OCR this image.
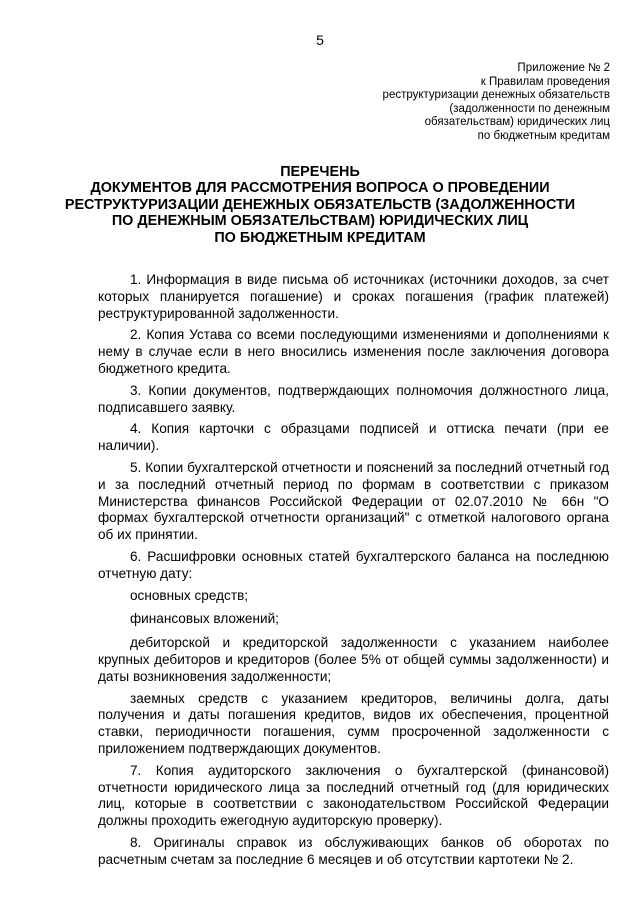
5
Приложение № 2
к Правилам проведения
реструктуризации денежных обязательств
(задолженности по денежным
обязательствам) юридических лиц
по бюджетным кредитам
ПЕРЕЧЕНЬ
ДОКУМЕНТОВ ДЛЯ РАССМОТРЕНИЯ ВОПРОСА О ПРОВЕДЕНИИ
РЕСТРУКТУРИЗАЦИИ ДЕНЕЖНЫХ ОБЯЗАТЕЛЬСТВ (ЗАДОЛЖЕННОСТИ
ПО ДЕНЕЖНЫМ ОБЯЗАТЕЛЬСТВАМ) ЮРИДИЧЕСКИХ ЛИЦ
ПО БЮДЖЕТНЫМ КРЕДИТАМ

1. Информация в виде письма об источниках (источники доходов, за счет которых планируется погашение) и сроках погашения (график платежей) реструктурированной задолженности.

2. Копия Устава со всеми последующими изменениями и дополнениями к нему в случае если в него вносились изменения после заключения договора бюджетного кредита.

3. Копии документов, подтверждающих полномочия должностного лица, подписавшего заявку.

4. Копия карточки с образцами подписей и оттиска печати (при ее наличии).

5. Копии бухгалтерской отчетности и пояснений за последний отчетный год и за последний отчетный период по формам в соответствии с приказом Министерства финансов Российской Федерации от 02.07.2010 № 66н "О формах бухгалтерской отчетности организаций" с отметкой налогового органа об их принятии.

6. Расшифровки основных статей бухгалтерского баланса на последнюю отчетную дату:

основных средств;

финансовых вложений;

дебиторской и кредиторской задолженности с указанием наиболее крупных дебиторов и кредиторов (более 5% от общей суммы задолженности) и даты возникновения задолженности;

заемных средств с указанием кредиторов, величины долга, даты получения и даты погашения кредитов, видов их обеспечения, процентной ставки, периодичности погашения, сумм просроченной задолженности с приложением подтверждающих документов.

7. Копия аудиторского заключения о бухгалтерской (финансовой) отчетности юридического лица за последний отчетный год (для юридических лиц, которые в соответствии с законодательством Российской Федерации должны проходить ежегодную аудиторскую проверку).

8. Оригиналы справок из обслуживающих банков об оборотах по расчетным счетам за последние 6 месяцев и об отсутствии картотеки № 2.
